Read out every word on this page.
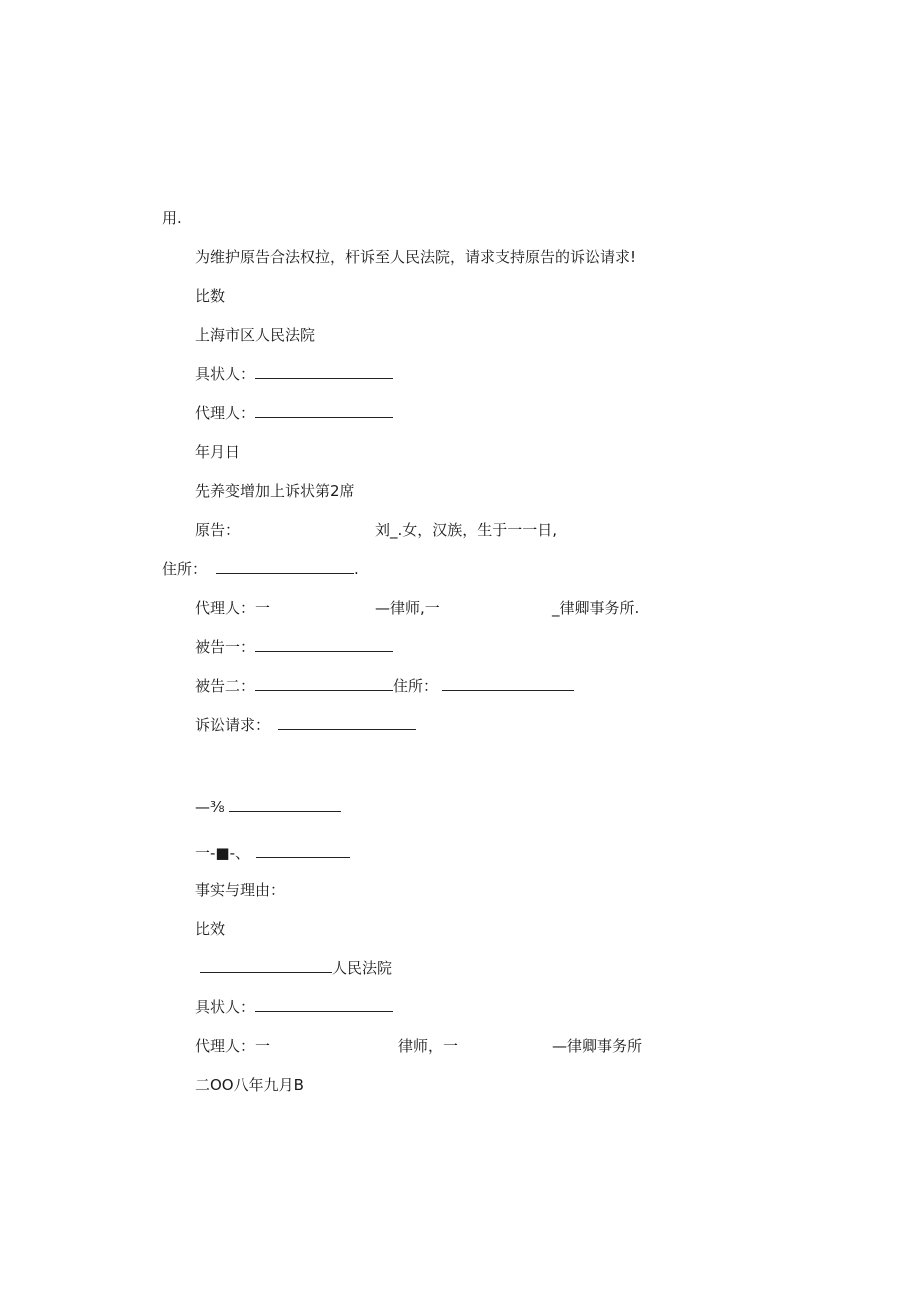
用.
为维护原告合法权拉，杆诉至人民法院，请求支持原告的诉讼请求!
比数
上海市区人民法院
具状人：
代理人：
年月日
先养变增加上诉状第2席
原告：	刘_.女，汉族，生于一一日,
住所：	.
代理人：一	—律师,一	_律卿事务所.
被告一：
被告二：	住所：
诉讼请求：
—⅜
一-■-、
事实与理由：
比效
人民法院
具状人：
代理人：一	律师，一	—律卿事务所
二OO八年九月B
